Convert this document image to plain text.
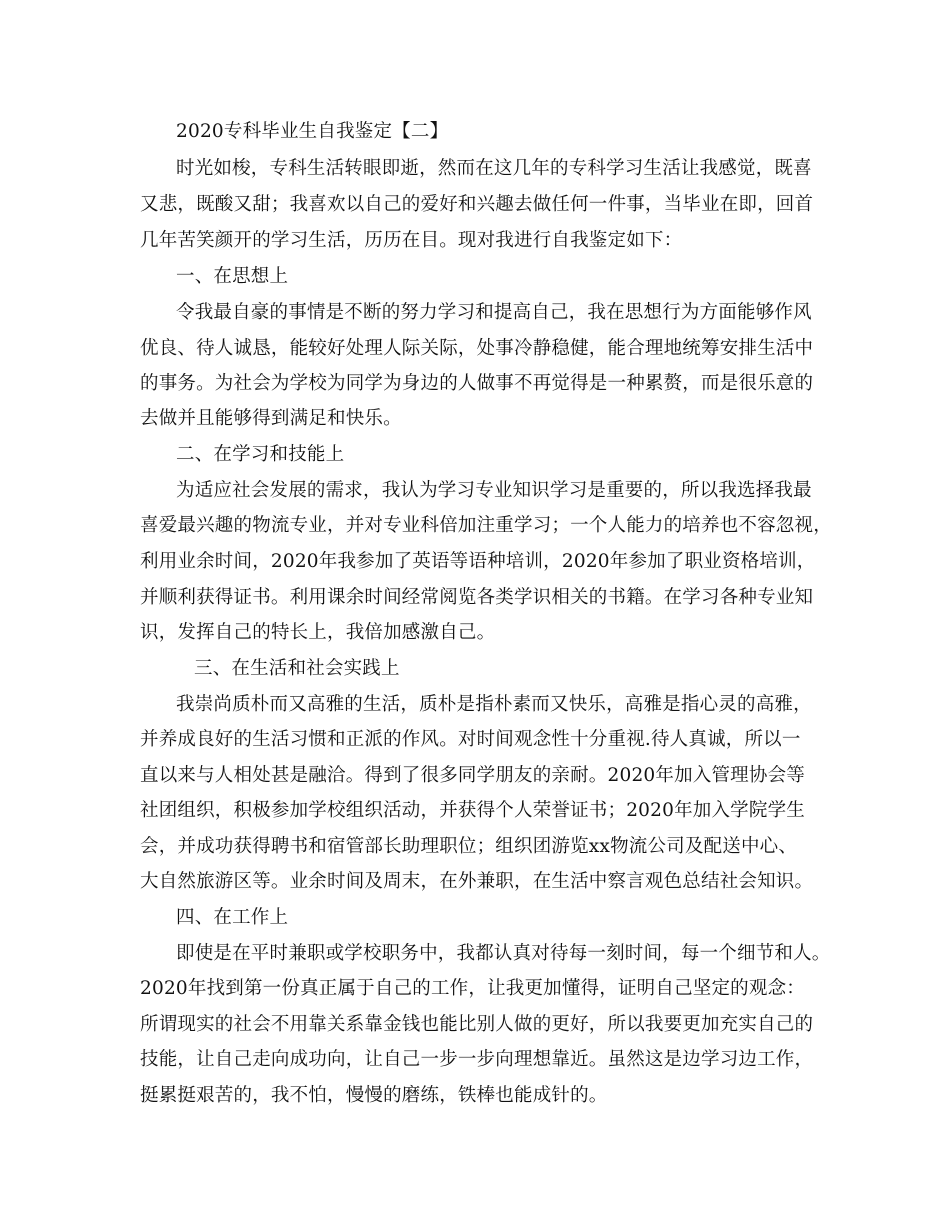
2020专科毕业生自我鉴定【二】
时光如梭，专科生活转眼即逝，然而在这几年的专科学习生活让我感觉，既喜
又悲，既酸又甜；我喜欢以自己的爱好和兴趣去做任何一件事，当毕业在即，回首
几年苦笑颜开的学习生活，历历在目。现对我进行自我鉴定如下：
一、在思想上
令我最自豪的事情是不断的努力学习和提高自己，我在思想行为方面能够作风
优良、待人诚恳，能较好处理人际关际，处事冷静稳健，能合理地统筹安排生活中
的事务。为社会为学校为同学为身边的人做事不再觉得是一种累赘，而是很乐意的
去做并且能够得到满足和快乐。
二、在学习和技能上
为适应社会发展的需求，我认为学习专业知识学习是重要的，所以我选择我最
喜爱最兴趣的物流专业，并对专业科倍加注重学习；一个人能力的培养也不容忽视，
利用业余时间，2020年我参加了英语等语种培训，2020年参加了职业资格培训，
并顺利获得证书。利用课余时间经常阅览各类学识相关的书籍。在学习各种专业知
识，发挥自己的特长上，我倍加感激自己。
三、在生活和社会实践上
我崇尚质朴而又高雅的生活，质朴是指朴素而又快乐，高雅是指心灵的高雅，
并养成良好的生活习惯和正派的作风。对时间观念性十分重视.待人真诚，所以一
直以来与人相处甚是融洽。得到了很多同学朋友的亲耐。2020年加入管理协会等
社团组织，积极参加学校组织活动，并获得个人荣誉证书；2020年加入学院学生
会，并成功获得聘书和宿管部长助理职位；组织团游览xx物流公司及配送中心、
大自然旅游区等。业余时间及周末，在外兼职，在生活中察言观色总结社会知识。
四、在工作上
即使是在平时兼职或学校职务中，我都认真对待每一刻时间，每一个细节和人。
2020年找到第一份真正属于自己的工作，让我更加懂得，证明自己坚定的观念：
所谓现实的社会不用靠关系靠金钱也能比别人做的更好，所以我要更加充实自己的
技能，让自己走向成功向，让自己一步一步向理想靠近。虽然这是边学习边工作，
挺累挺艰苦的，我不怕，慢慢的磨练，铁棒也能成针的。
